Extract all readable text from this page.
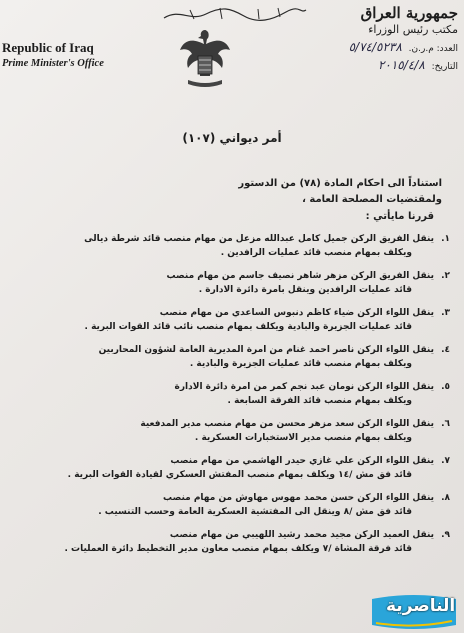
Republic of Iraq
Prime Minister's Office
جمهورية العراق
مكتب رئيس الوزراء
العدد: م.ر.ن. ٥/٧٤/٥٢٣٨
التاريخ: ٢٠١٥/٤/٨
أمر ديواني (١٠٧)
استناداً الى احكام المادة (٧٨) من الدستور
ولمقتضيات المصلحة العامة ،
قررنا مايأتي :
١.
ينقل الفريق الركن جميل كامل عبدالله مزعل من مهام منصب قائد شرطة ديالى
ويكلف بمهام منصب قائد عمليات الرافدين .
٢.
ينقل الفريق الركن مزهر شاهر نصيف جاسم من مهام منصب
قائد عمليات الرافدين وينقل بامرة دائرة الادارة .
٣.
ينقل اللواء الركن ضياء كاظم دنبوس الساعدي من مهام منصب
قائد عمليات الجزيرة والبادية ويكلف بمهام منصب نائب قائد القوات البرية .
٤.
ينقل اللواء الركن ناصر احمد غنام من امرة المديرية العامة لشؤون المحاربين
ويكلف بمهام منصب قائد عمليات الجزيرة والبادية .
٥.
ينقل اللواء الركن نومان عبد نجم كمر من امرة دائرة الادارة
ويكلف بمهام منصب قائد الفرقة السابعة .
٦.
ينقل اللواء الركن سعد مزهر محسن من مهام منصب مدير المدفعية
ويكلف بمهام منصب مدير الاستخبارات العسكرية .
٧.
ينقل اللواء الركن علي غازي حيدر الهاشمي من مهام منصب
قائد فق مش /١٤ ويكلف بمهام منصب المفتش العسكري لقيادة القوات البرية .
٨.
ينقل اللواء الركن حسن محمد مهوس مهاوش من مهام منصب
قائد فق مش /٨ وينقل الى المفتشية العسكرية العامة وحسب التنسيب .
٩.
ينقل العميد الركن مجيد محمد رشيد اللهيبي من مهام منصب
قائد فرقة المشاة /٧ ويكلف بمهام منصب معاون مدير التخطيط دائرة العمليات .
الناصرية
